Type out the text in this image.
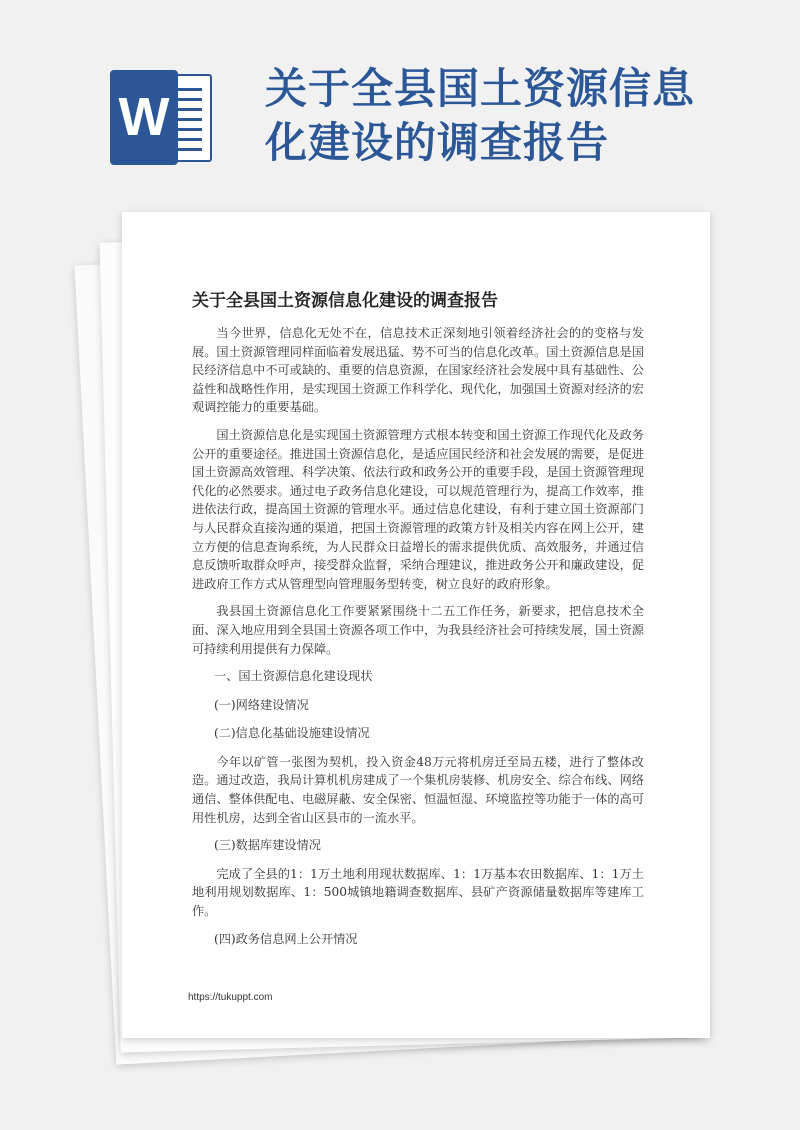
W 关于全县国土资源信息化建设的调查报告
关于全县国土资源信息化建设的调查报告

当今世界，信息化无处不在，信息技术正深刻地引领着经济社会的的变格与发展。国土资源管理同样面临着发展迅猛、势不可当的信息化改革。国土资源信息是国民经济信息中不可或缺的、重要的信息资源，在国家经济社会发展中具有基础性、公益性和战略性作用，是实现国土资源工作科学化、现代化，加强国土资源对经济的宏观调控能力的重要基础。

国土资源信息化是实现国土资源管理方式根本转变和国土资源工作现代化及政务公开的重要途径。推进国土资源信息化，是适应国民经济和社会发展的需要，是促进国土资源高效管理、科学决策、依法行政和政务公开的重要手段，是国土资源管理现代化的必然要求。通过电子政务信息化建设，可以规范管理行为，提高工作效率，推进依法行政，提高国土资源的管理水平。通过信息化建设，有利于建立国土资源部门与人民群众直接沟通的渠道，把国土资源管理的政策方针及相关内容在网上公开，建立方便的信息查询系统，为人民群众日益增长的需求提供优质、高效服务，并通过信息反馈听取群众呼声，接受群众监督，采纳合理建议，推进政务公开和廉政建设，促进政府工作方式从管理型向管理服务型转变，树立良好的政府形象。

我县国土资源信息化工作要紧紧围绕十二五工作任务，新要求，把信息技术全面、深入地应用到全县国土资源各项工作中，为我县经济社会可持续发展，国土资源可持续利用提供有力保障。

一、国土资源信息化建设现状

(一)网络建设情况

(二)信息化基础设施建设情况

今年以矿管一张图为契机，投入资金48万元将机房迁至局五楼，进行了整体改造。通过改造，我局计算机机房建成了一个集机房装修、机房安全、综合布线、网络通信、整体供配电、电磁屏蔽、安全保密、恒温恒湿、环境监控等功能于一体的高可用性机房，达到全省山区县市的一流水平。

(三)数据库建设情况

完成了全县的1：1万土地利用现状数据库、1：1万基本农田数据库、1：1万土地利用规划数据库、1：500城镇地籍调查数据库、县矿产资源储量数据库等建库工作。

(四)政务信息网上公开情况

https://tukuppt.com
